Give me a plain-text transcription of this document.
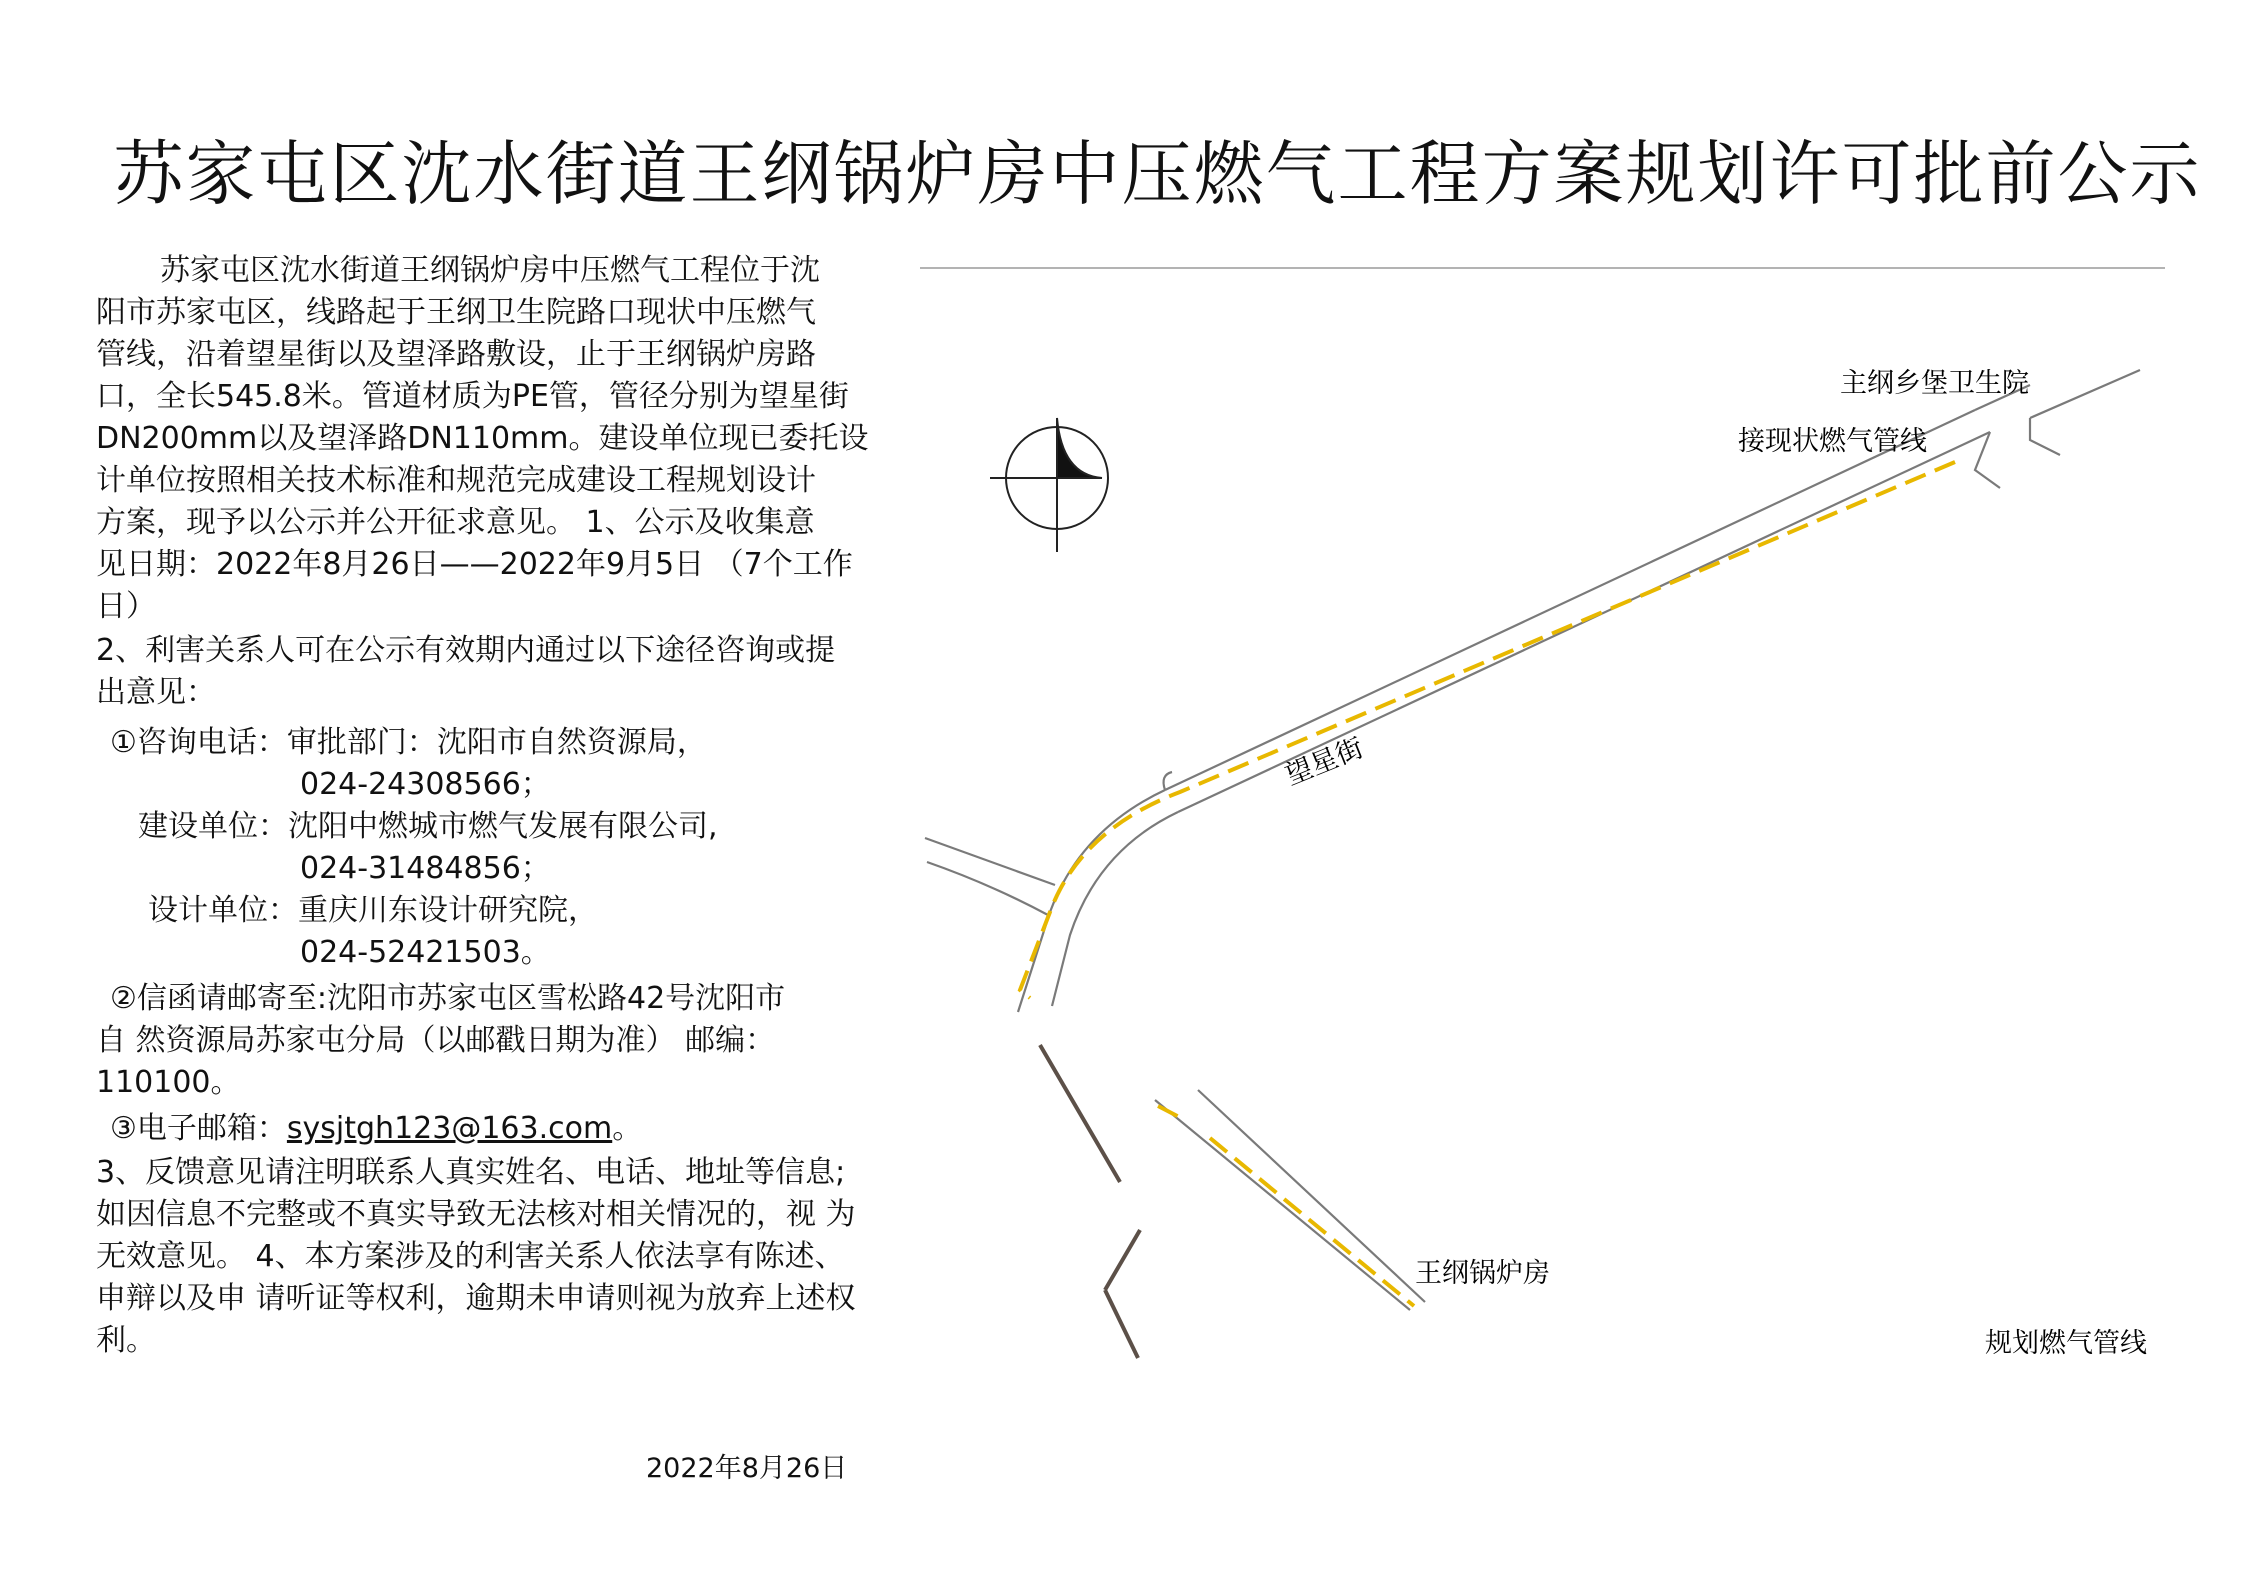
苏家屯区沈水街道王纲锅炉房中压燃气工程方案规划许可批前公示
苏家屯区沈水街道王纲锅炉房中压燃气工程位于沈
阳市苏家屯区，线路起于王纲卫生院路口现状中压燃气
管线，沿着望星街以及望泽路敷设，止于王纲锅炉房路
口，全长545.8米。管道材质为PE管，管径分别为望星街
DN200mm以及望泽路DN110mm。建设单位现已委托设
计单位按照相关技术标准和规范完成建设工程规划设计
方案，现予以公示并公开征求意见。 1、公示及收集意
见日期：2022年8月26日——2022年9月5日 （7个工作
日）
2、利害关系人可在公示有效期内通过以下途径咨询或提
出意见：
①咨询电话：审批部门：沈阳市自然资源局，
024-24308566；
建设单位：沈阳中燃城市燃气发展有限公司,
024-31484856；
设计单位：重庆川东设计研究院，
024-52421503。
②信函请邮寄至:沈阳市苏家屯区雪松路42号沈阳市
自 然资源局苏家屯分局（以邮戳日期为准） 邮编：
110100。
③电子邮箱：sysjtgh123@163.com。
3、反馈意见请注明联系人真实姓名、电话、地址等信息;
如因信息不完整或不真实导致无法核对相关情况的，视 为
无效意见。 4、本方案涉及的利害关系人依法享有陈述、
申辩以及申 请听证等权利，逾期未申请则视为放弃上述权
利。
2022年8月26日
主纲乡堡卫生院
接现状燃气管线
望星街
王纲锅炉房
规划燃气管线
